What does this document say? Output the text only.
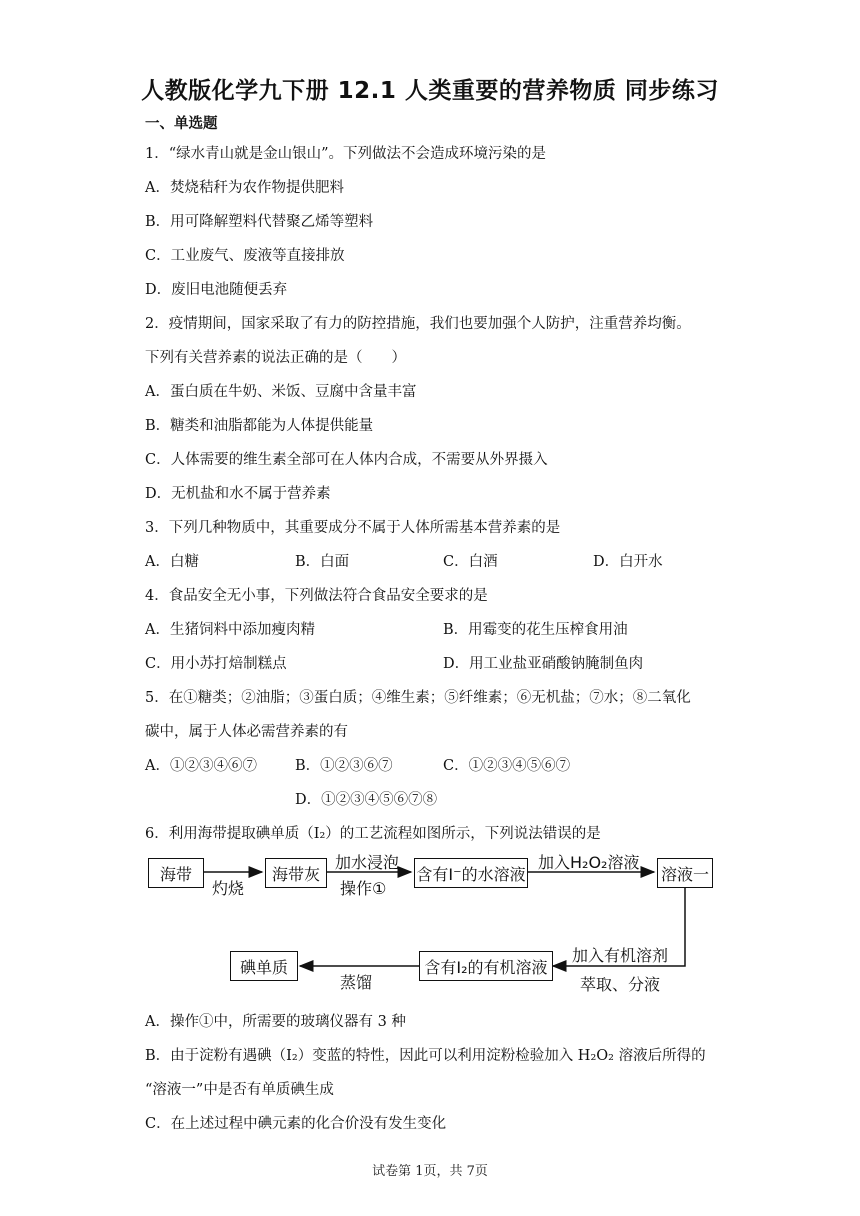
人教版化学九下册 12.1 人类重要的营养物质 同步练习
一、单选题
1．“绿水青山就是金山银山”。下列做法不会造成环境污染的是
A．焚烧秸秆为农作物提供肥料
B．用可降解塑料代替聚乙烯等塑料
C．工业废气、废液等直接排放
D．废旧电池随便丢弃
2．疫情期间，国家采取了有力的防控措施，我们也要加强个人防护，注重营养均衡。
下列有关营养素的说法正确的是（　　）
A．蛋白质在牛奶、米饭、豆腐中含量丰富
B．糖类和油脂都能为人体提供能量
C．人体需要的维生素全部可在人体内合成，不需要从外界摄入
D．无机盐和水不属于营养素
3．下列几种物质中，其重要成分不属于人体所需基本营养素的是
A．白糖	B．白面	C．白酒	D．白开水
4．食品安全无小事，下列做法符合食品安全要求的是
A．生猪饲料中添加瘦肉精	B．用霉变的花生压榨食用油
C．用小苏打焙制糕点	D．用工业盐亚硝酸钠腌制鱼肉
5．在①糖类；②油脂；③蛋白质；④维生素；⑤纤维素；⑥无机盐；⑦水；⑧二氧化
碳中，属于人体必需营养素的有
A．①②③④⑥⑦	B．①②③⑥⑦	C．①②③④⑤⑥⑦
D．①②③④⑤⑥⑦⑧
6．利用海带提取碘单质（I₂）的工艺流程如图所示，下列说法错误的是
海带	海带灰	含有I⁻的水溶液	溶液一
含有I₂的有机溶液
碘单质
灼烧
加水浸泡
操作①
加入H₂O₂溶液
加入有机溶剂
萃取、分液
蒸馏
A．操作①中，所需要的玻璃仪器有 3 种
B．由于淀粉有遇碘（I₂）变蓝的特性，因此可以利用淀粉检验加入 H₂O₂ 溶液后所得的
“溶液一”中是否有单质碘生成
C．在上述过程中碘元素的化合价没有发生变化
试卷第 1页，共 7页
